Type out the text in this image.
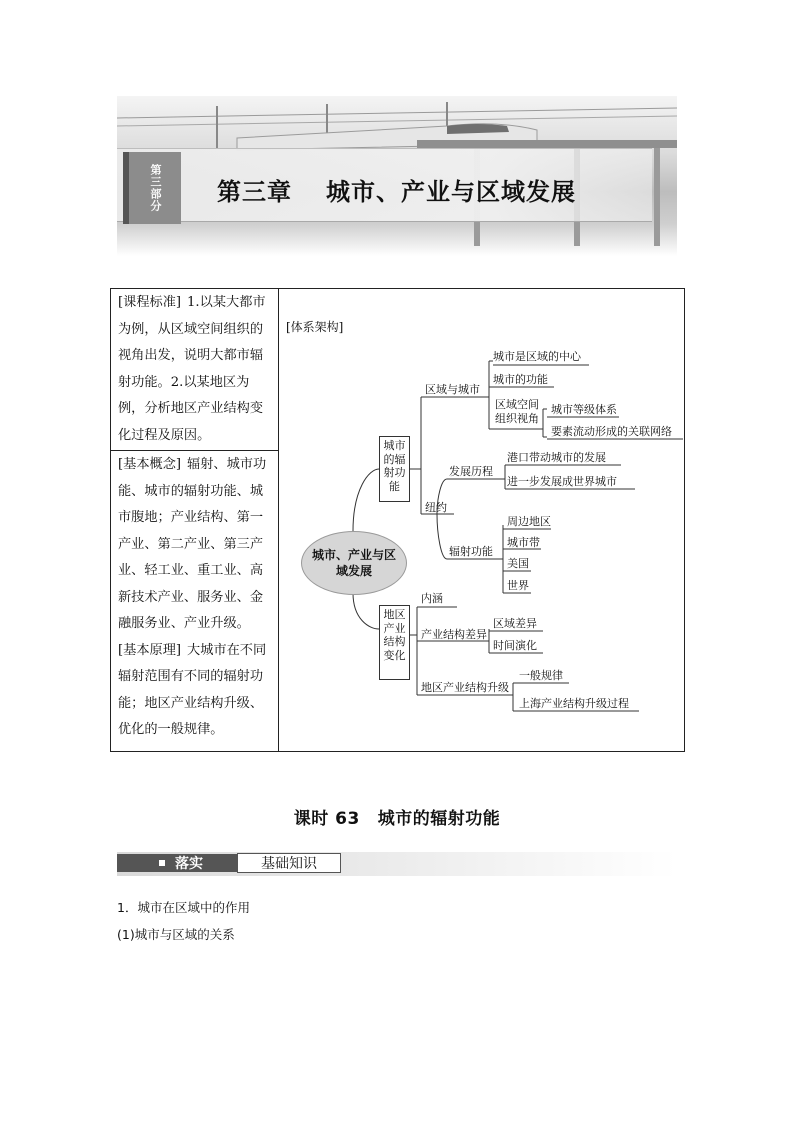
第三部分 第三章 城市、产业与区域发展
[课程标准] 1.以某大都市为例，从区域空间组织的视角出发，说明大都市辐射功能。2.以某地区为例，分析地区产业结构变化过程及原因。
[基本概念] 辐射、城市功能、城市的辐射功能、城市腹地；产业结构、第一产业、第二产业、第三产业、轻工业、重工业、高新技术产业、服务业、金融服务业、产业升级。
[基本原理] 大城市在不同辐射范围有不同的辐射功能；地区产业结构升级、优化的一般规律。
[体系架构]
城市、产业与区域发展
城市的辐射功能
地区产业结构变化
区域与城市
城市是区域的中心
城市的功能
区域空间组织视角
城市等级体系
要素流动形成的关联网络
纽约
发展历程
港口带动城市的发展
进一步发展成世界城市
辐射功能
周边地区
城市带
美国
世界
内涵
产业结构差异
区域差异
时间演化
地区产业结构升级
一般规律
上海产业结构升级过程
课时 63 城市的辐射功能
落实	基础知识
1．城市在区域中的作用
(1)城市与区域的关系
